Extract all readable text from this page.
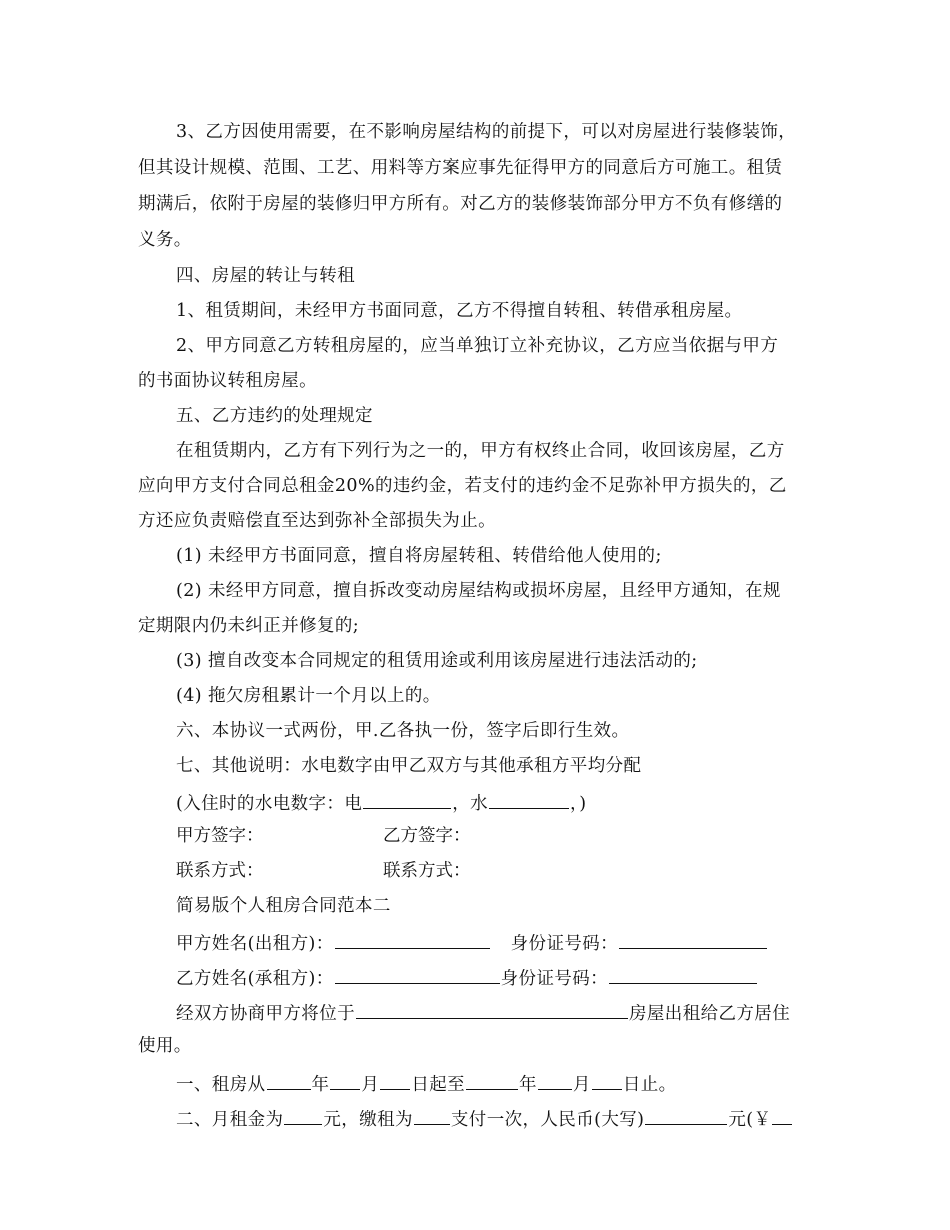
3、乙方因使用需要，在不影响房屋结构的前提下，可以对房屋进行装修装饰，
但其设计规模、范围、工艺、用料等方案应事先征得甲方的同意后方可施工。租赁
期满后，依附于房屋的装修归甲方所有。对乙方的装修装饰部分甲方不负有修缮的
义务。
四、房屋的转让与转租
1、租赁期间，未经甲方书面同意，乙方不得擅自转租、转借承租房屋。
2、甲方同意乙方转租房屋的，应当单独订立补充协议，乙方应当依据与甲方
的书面协议转租房屋。
五、乙方违约的处理规定
在租赁期内，乙方有下列行为之一的，甲方有权终止合同，收回该房屋，乙方
应向甲方支付合同总租金20%的违约金，若支付的违约金不足弥补甲方损失的，乙
方还应负责赔偿直至达到弥补全部损失为止。
(1) 未经甲方书面同意，擅自将房屋转租、转借给他人使用的;
(2) 未经甲方同意，擅自拆改变动房屋结构或损坏房屋，且经甲方通知，在规
定期限内仍未纠正并修复的;
(3) 擅自改变本合同规定的租赁用途或利用该房屋进行违法活动的;
(4) 拖欠房租累计一个月以上的。
六、本协议一式两份，甲.乙各执一份，签字后即行生效。
七、其他说明：水电数字由甲乙双方与其他承租方平均分配
(入住时的水电数字：电	，水	，)
甲方签字：	乙方签字：
联系方式：	联系方式：
简易版个人租房合同范本二
甲方姓名(出租方)：	身份证号码：
乙方姓名(承租方)：	身份证号码：
经双方协商甲方将位于	房屋出租给乙方居住
使用。
一、租房从	年 月 日起至	年 月 日止。
二、月租金为 元，缴租为 支付一次，人民币(大写)	元(￥
